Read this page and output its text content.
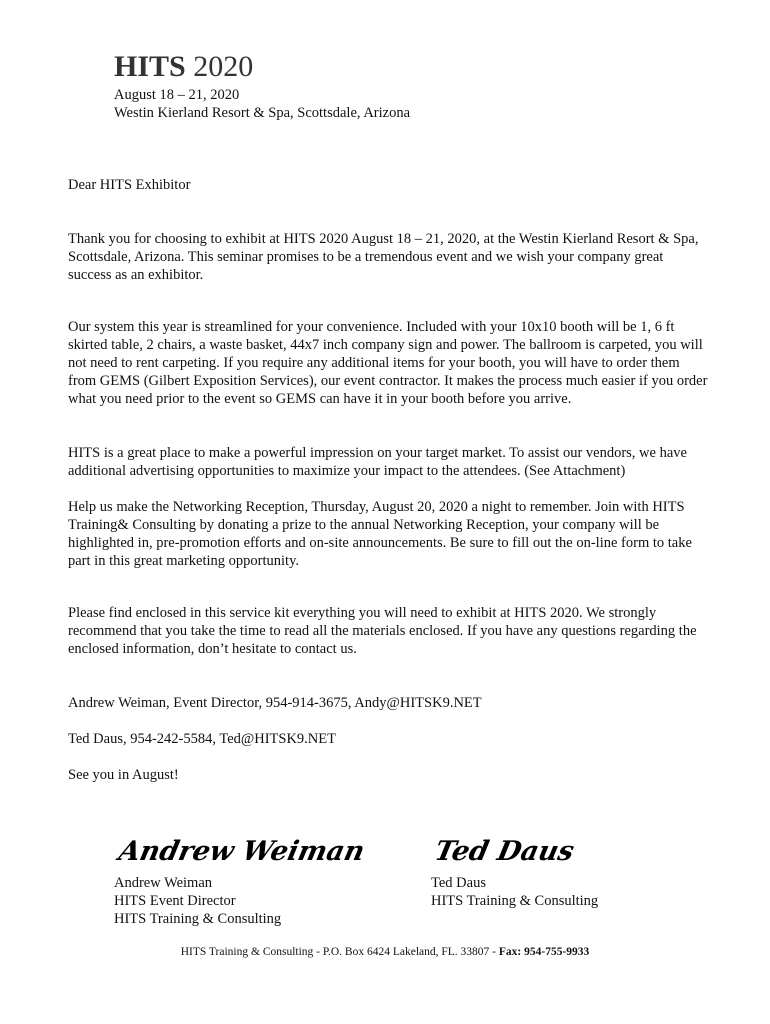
HITS 2020
August 18 – 21, 2020
Westin Kierland Resort & Spa, Scottsdale, Arizona

Dear HITS Exhibitor

Thank you for choosing to exhibit at HITS 2020 August 18 – 21, 2020, at the Westin Kierland Resort & Spa, Scottsdale, Arizona. This seminar promises to be a tremendous event and we wish your company great success as an exhibitor.

Our system this year is streamlined for your convenience. Included with your 10x10 booth will be 1, 6 ft skirted table, 2 chairs, a waste basket, 44x7 inch company sign and power. The ballroom is carpeted, you will not need to rent carpeting. If you require any additional items for your booth, you will have to order them from GEMS (Gilbert Exposition Services), our event contractor. It makes the process much easier if you order what you need prior to the event so GEMS can have it in your booth before you arrive.

HITS is a great place to make a powerful impression on your target market. To assist our vendors, we have additional advertising opportunities to maximize your impact to the attendees. (See Attachment)

Help us make the Networking Reception, Thursday, August 20, 2020 a night to remember. Join with HITS Training& Consulting by donating a prize to the annual Networking Reception, your company will be highlighted in, pre-promotion efforts and on-site announcements. Be sure to fill out the on-line form to take part in this great marketing opportunity.

Please find enclosed in this service kit everything you will need to exhibit at HITS 2020. We strongly recommend that you take the time to read all the materials enclosed. If you have any questions regarding the enclosed information, don’t hesitate to contact us.

Andrew Weiman, Event Director, 954-914-3675, Andy@HITSK9.NET

Ted Daus, 954-242-5584, Ted@HITSK9.NET

See you in August!

Andrew Weiman
Andrew Weiman
HITS Event Director
HITS Training & Consulting
Ted Daus
Ted Daus
HITS Training & Consulting
HITS Training & Consulting - P.O. Box 6424 Lakeland, FL. 33807 - Fax: 954-755-9933
